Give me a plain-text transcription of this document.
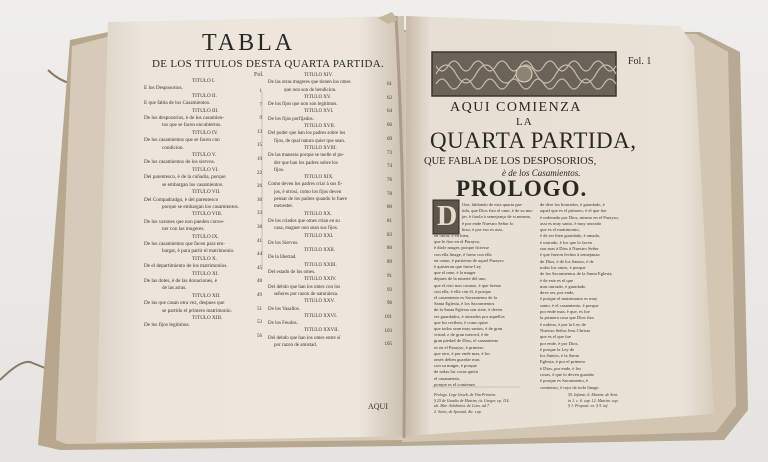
TABLA
DE LOS TITULOS DESTA QUARTA PARTIDA.
Fol.
TITULO I.
E los Desposorios.
TITULO II.
E que fabla de los Casamientos.
TITULO III.
De los desposorios, è de los casamien-
tos que se facen encubiertos.
TITULO IV.
De los casamientos que se facen con
condicion.
TITULO V.
De los casamientos de los siervos.
TITULO VI.
Del parentesco, è de la cuñadia, porque
se embargan los casamientos.
TITULO VII.
Del Compadradgo, è del parentesco
porque se embargan los casamientos.
TITULO VIII.
De los varones que non pueden conve-
ner con las mugeres.
TITULO IX.
De los casamientos que facen para em-
bargar, è para partir el matrimonio.
TITULO X.
De el departimiento de los matrimonios.
TITULO XI.
De las dotes, è de las donaciones, è
de las arras.
TITULO XII.
De las que casan otra vez, despues que
se partido el primero matrimonio.
TITULO XIII.
De los fijos legitimos.
1
7
9
13
15
19
22
26
30
33
38
41
44
45
48
49
51
53
56
TITULO XIV.
De las otras mugeres que tienen los omes
que non son de bendicion.
TITULO XV.
De los fijos que non son legitimos.
TITULO XVI.
De los fijos porfijados.
TITULO XVII.
Del poder que han los padres sobre los
fijos, de qual natura quier que sean.
TITULO XVIII.
De las maneras porque se tuelle el po-
der que han los padres sobre los
fijos.
TITULO XIX.
Como deven los padres criar à sus fi-
jos, è otrosi, como los fijos deven
pensar de los padres quando lo fuere
menester.
TITULO XX.
De los criados que omes crian en su
casa, maguer non sean sus fijos.
TITULO XXI.
De los Siervos.
TITULO XXII.
De la libertad.
TITULO XXIII.
Del estado de los omes.
TITULO XXIV.
Del debdo que han los omes con los
señores por razon de naturaleza.
TITULO XXV.
De los Vasallos.
TITULO XXVI.
De los Feudos.
TITULO XXVII.
Del debdo que han los omes entre sí
por razon de amistad.
61
62
64
66
69
73
74
76
78
80
81
83
86
89
91
93
96
101
103
105
AQUI
Fol. 1
AQUI COMIENZA
LA
QUARTA PARTIDA,
QUE FABLA DE LOS DESPOSORIOS,
è de los Casamientos.
PROLOGO.
D	Oze, fablando de esta quarta par-
tida, que Dios fizo el ome, è de su mu-
jer, è fizola à semejança de si mesmo,
è por ende Nuestro Señor lo
hizo, è por eso es assi,
en onrra, è en bien,
que le fizo en el Parayso,
è diole muger, porque ficiesse
con ella linage, è fuese con ella
en carne, è partieron de aquel Parayso
è quisieron que fuese Ley
que el ome, è la muger
depues de la muerte del uno,
que el otro non casasse, è que fuesse
con ella, è ella con él, è porque
el casamiento es Sacramento de la
Santa Eglesia, è los Sacramentos
de la Santa Eglesia son siete, è deven
ser guardados, è onrrados por aquellos
que los reciben, è como quier
que todos sean muy santos, è de gran
virtud, e de gran merced, è de
gran piedad de Dios, el casamiento
es en el Parayso, è primero
que otro, è por ende mas, è los
omes deben guardar mas
con su muger, è porque
de todas las cosas quien
el casamiento,
porque es el comienzo
de dere los honrados, è guardado, è
aquel que es el primero, è el que fue
è ordenado por Dios, mismo en el Parayso,
assi es muy santo, è muy onrrado
que es el matrimonio,
è de ser bien guardado, è amado,
è onrrado, è los que lo facen
son mas à Dios à Nuestro Señor
è que fueron fechos à semejanza
de Dios, è de los Santos, è de
todos los omes, è porque
de los Sacramentos de la Santa Eglesia,
è de este es el que
mas onrrado, è guardado
deve ser, por ende,
è porque el matrimonio es muy
santo, è el casamiento, è porque
por ende mas, è que, es fue
la primera cosa que Dios fizo
è ordeno, è por la Ley de
Nuestro Señor Jesu Christo
que es el que fue
por ende, è por Dios,
è porque la Ley de
los Santos, è la Santa
Eglesia, è por el primero
è Dios, por ende, è los
cosas, è que lo deven guardar
è porque es Sacramento, è
comienzo, è rayz de todo linage.
Prologo. Lege Geseb, de Vita Primera.
§ 25 de Gaudio de Matrim, tit. Gregor. ep. 114.
ult. Mar. Arhdemist. de Cons. ad 7.
2. Sexto, de Sponsal, &c. cap.
55. Infante, 6. Matrim. de Sent.
in 1. c. 6. cap. 12. Matrim. cap.
§ 1. Proposit. ex. § 5. inf.
